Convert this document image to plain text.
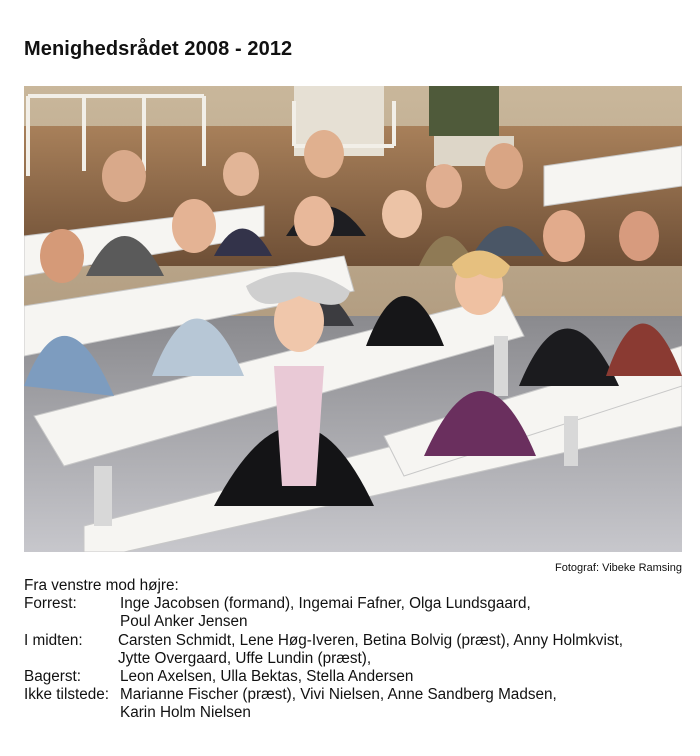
Menighedsrådet 2008 - 2012
Fotograf: Vibeke Ramsing
Fra venstre mod højre:
Forrest:	Inge Jacobsen (formand), Ingemai Fafner, Olga Lundsgaard,
Poul Anker Jensen
I midten:	Carsten Schmidt, Lene Høg-Iveren, Betina Bolvig (præst), Anny Holmkvist,
Jytte Overgaard, Uffe Lundin (præst),
Bagerst:	Leon Axelsen, Ulla Bektas, Stella Andersen
Ikke tilstede: Marianne Fischer (præst), Vivi Nielsen, Anne Sandberg Madsen,
Karin Holm Nielsen
